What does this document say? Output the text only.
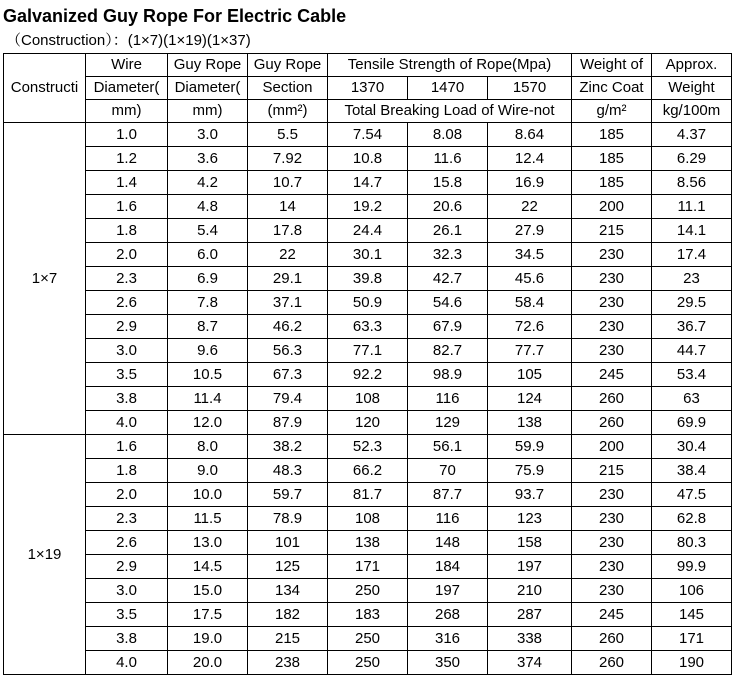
Galvanized Guy Rope For Electric Cable
（Construction）：(1×7)(1×19)(1×37)
Constructi	Wire	Guy Rope	Guy Rope	Tensile Strength of Rope(Mpa)			Weight of	Approx.
	Diameter(	Diameter(	Section	1370	1470	1570	Zinc Coat	Weight
	mm)	mm)	(mm²)	Total Breaking Load of Wire-not			g/m²	kg/100m
1×7	1.0	3.0	5.5	7.54	8.08	8.64	185	4.37
	1.2	3.6	7.92	10.8	11.6	12.4	185	6.29
	1.4	4.2	10.7	14.7	15.8	16.9	185	8.56
	1.6	4.8	14	19.2	20.6	22	200	11.1
	1.8	5.4	17.8	24.4	26.1	27.9	215	14.1
	2.0	6.0	22	30.1	32.3	34.5	230	17.4
	2.3	6.9	29.1	39.8	42.7	45.6	230	23
	2.6	7.8	37.1	50.9	54.6	58.4	230	29.5
	2.9	8.7	46.2	63.3	67.9	72.6	230	36.7
	3.0	9.6	56.3	77.1	82.7	77.7	230	44.7
	3.5	10.5	67.3	92.2	98.9	105	245	53.4
	3.8	11.4	79.4	108	116	124	260	63
	4.0	12.0	87.9	120	129	138	260	69.9
1×19	1.6	8.0	38.2	52.3	56.1	59.9	200	30.4
	1.8	9.0	48.3	66.2	70	75.9	215	38.4
	2.0	10.0	59.7	81.7	87.7	93.7	230	47.5
	2.3	11.5	78.9	108	116	123	230	62.8
	2.6	13.0	101	138	148	158	230	80.3
	2.9	14.5	125	171	184	197	230	99.9
	3.0	15.0	134	250	197	210	230	106
	3.5	17.5	182	183	268	287	245	145
	3.8	19.0	215	250	316	338	260	171
	4.0	20.0	238	250	350	374	260	190
